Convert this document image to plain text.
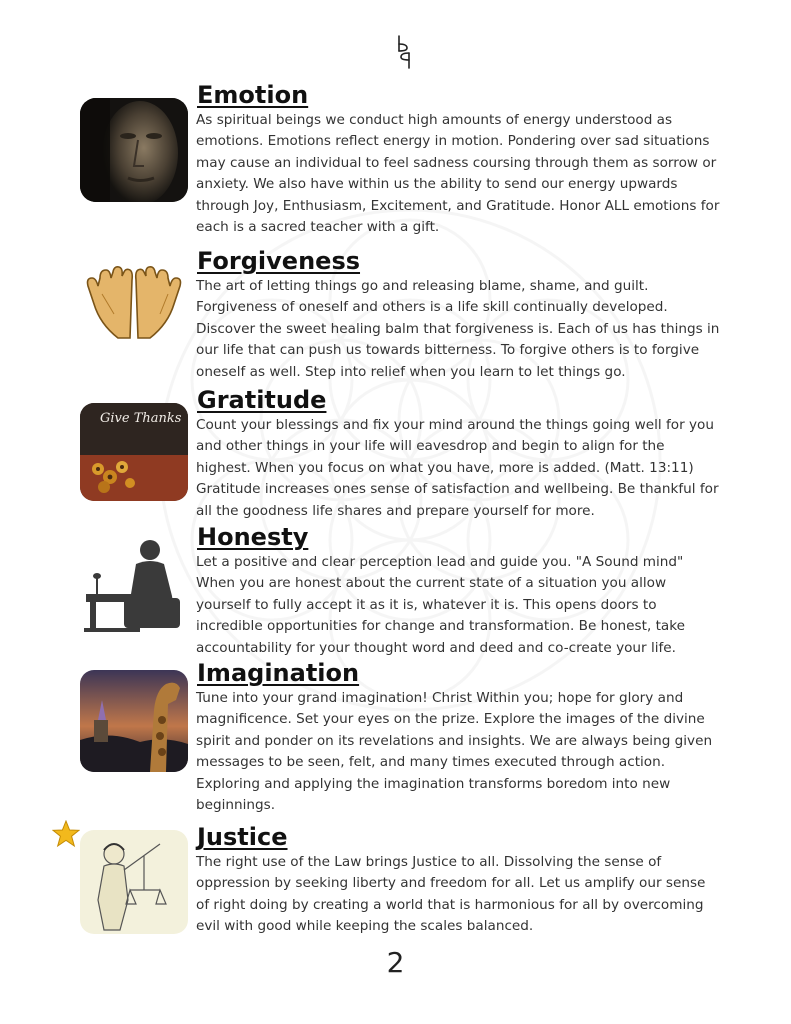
Emotion

As spiritual beings we conduct high amounts of energy understood as emotions. Emotions reflect energy in motion. Pondering over sad situations may cause an individual to feel sadness coursing through them as sorrow or anxiety. We also have within us the ability to send our energy upwards through Joy, Enthusiasm, Excitement, and Gratitude. Honor ALL emotions for each is a sacred teacher with a gift.

Forgiveness

The art of letting things go and releasing blame, shame, and guilt. Forgiveness of oneself and others is a life skill continually developed. Discover the sweet healing balm that forgiveness is. Each of us has things in our life that can push us towards bitterness. To forgive others is to forgive oneself as well. Step into relief when you learn to let things go.

Give Thanks
Gratitude

Count your blessings and fix your mind around the things going well for you and other things in your life will eavesdrop and begin to align for the highest. When you focus on what you have, more is added. (Matt. 13:11) Gratitude increases ones sense of satisfaction and wellbeing. Be thankful for all the goodness life shares and prepare yourself for more.

Honesty

Let a positive and clear perception lead and guide you. "A Sound mind" When you are honest about the current state of a situation you allow yourself to fully accept it as it is, whatever it is. This opens doors to incredible opportunities for change and transformation. Be honest, take accountability for your thought word and deed and co-create your life.

Imagination

Tune into your grand imagination! Christ Within you; hope for glory and magnificence. Set your eyes on the prize. Explore the images of the divine spirit and ponder on its revelations and insights. We are always being given messages to be seen, felt, and many times executed through action. Exploring and applying the imagination transforms boredom into new beginnings.

Justice

The right use of the Law brings Justice to all. Dissolving the sense of oppression by seeking liberty and freedom for all. Let us amplify our sense of right doing by creating a world that is harmonious for all by overcoming evil with good while keeping the scales balanced.

2
